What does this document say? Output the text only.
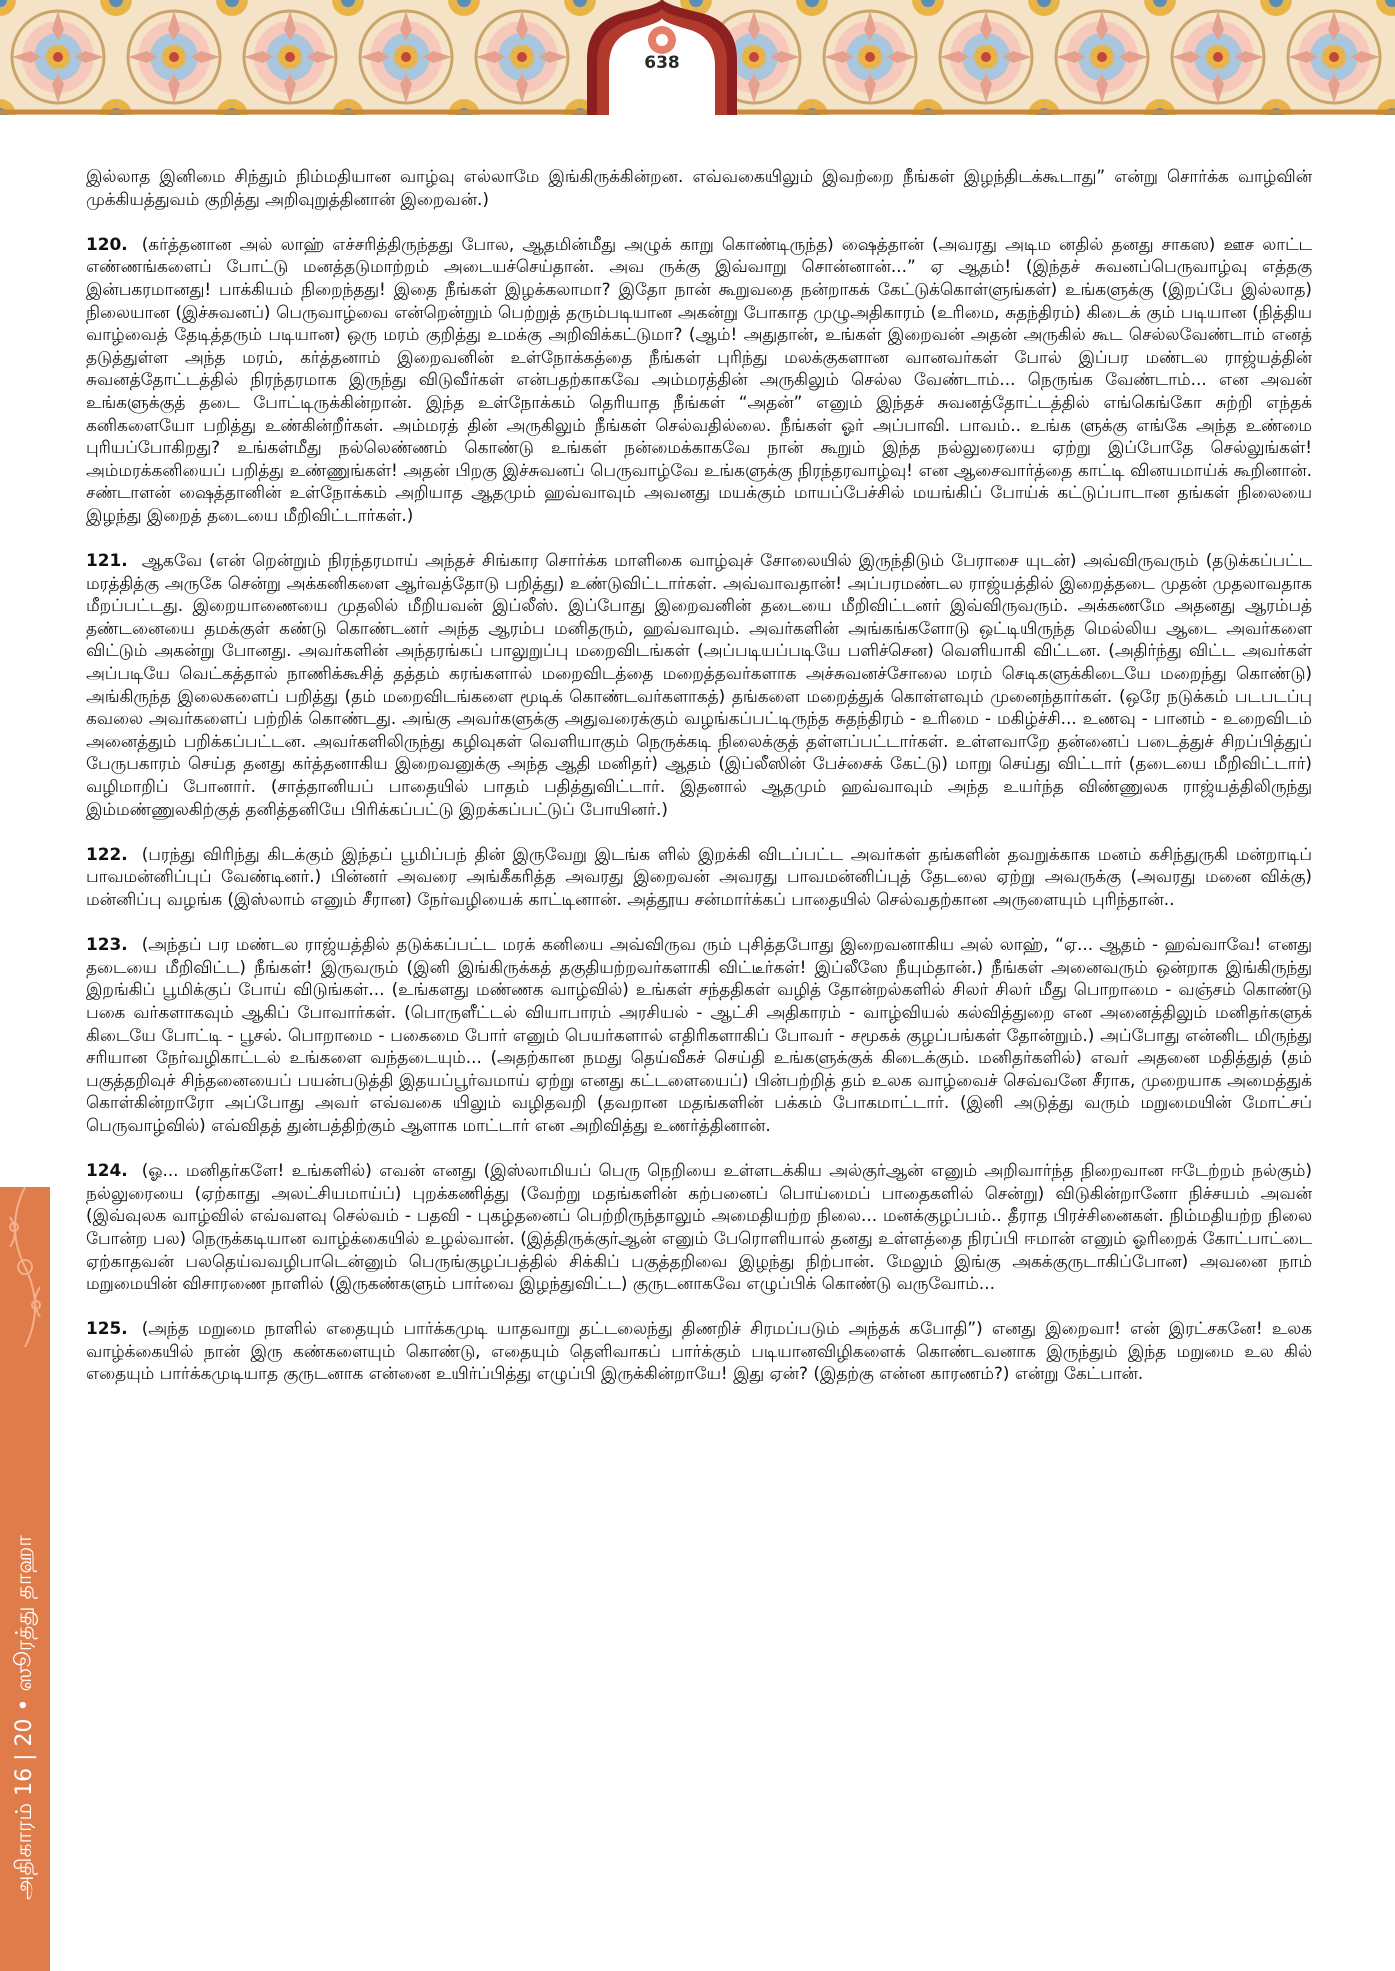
638
அதிகாரம் 16 | 20 • ஸூரத்து தாஹா

இல்லாத இனிமை சிந்தும் நிம்மதியான வாழ்வு எல்லாமே இங்கிருக்கின்றன. எவ்வகையிலும் இவற்றை நீங்கள் இழந்திடக்கூடாது” என்று சொர்க்க வாழ்வின் முக்கியத்துவம் குறித்து அறிவுறுத்தினான் இறைவன்.)

120. (கர்த்தனான அல் லாஹ் எச்சரித்திருந்தது போல, ஆதமின்மீது அழுக் காறு கொண்டிருந்த) ஷைத்தான் (அவரது அடிம னதில் தனது சாகஸ) ஊச லாட்ட எண்ணங்களைப் போட்டு மனத்தடுமாற்றம் அடையச்செய்தான். அவ ருக்கு இவ்வாறு சொன்னான்...” ஏ ஆதம்! (இந்தச் சுவனப்பெருவாழ்வு எத்தகு இன்பகரமானது! பாக்கியம் நிறைந்தது! இதை நீங்கள் இழக்கலாமா? இதோ நான் கூறுவதை நன்றாகக் கேட்டுக்கொள்ளுங்கள்) உங்களுக்கு (இறப்பே இல்லாத) நிலையான (இச்சுவனப்) பெருவாழ்வை என்றென்றும் பெற்றுத் தரும்படியான அகன்று போகாத முழுஅதிகாரம் (உரிமை, சுதந்திரம்) கிடைக் கும் படியான (நித்திய வாழ்வைத் தேடித்தரும் படியான) ஒரு மரம் குறித்து உமக்கு அறிவிக்கட்டுமா? (ஆம்! அதுதான், உங்கள் இறைவன் அதன் அருகில் கூட செல்லவேண்டாம் எனத் தடுத்துள்ள அந்த மரம், கர்த்தனாம் இறைவனின் உள்நோக்கத்தை நீங்கள் புரிந்து மலக்குகளான வானவர்கள் போல் இப்பர மண்டல ராஜ்யத்தின் சுவனத்தோட்டத்தில் நிரந்தரமாக இருந்து விடுவீர்கள் என்பதற்காகவே அம்மரத்தின் அருகிலும் செல்ல வேண்டாம்... நெருங்க வேண்டாம்... என அவன் உங்களுக்குத் தடை போட்டிருக்கின்றான். இந்த உள்நோக்கம் தெரியாத நீங்கள் “அதன்” எனும் இந்தச் சுவனத்தோட்டத்தில் எங்கெங்கோ சுற்றி எந்தக் கனிகளையோ பறித்து உண்கின்றீர்கள். அம்மரத் தின் அருகிலும் நீங்கள் செல்வதில்லை. நீங்கள் ஓர் அப்பாவி. பாவம்.. உங்க ளுக்கு எங்கே அந்த உண்மை புரியப்போகிறது? உங்கள்மீது நல்லெண்ணம் கொண்டு உங்கள் நன்மைக்காகவே நான் கூறும் இந்த நல்லுரையை ஏற்று இப்போதே செல்லுங்கள்! அம்மரக்கனியைப் பறித்து உண்ணுங்கள்! அதன் பிறகு இச்சுவனப் பெருவாழ்வே உங்களுக்கு நிரந்தரவாழ்வு! என ஆசைவார்த்தை காட்டி வினயமாய்க் கூறினான். சண்டாளன் ஷைத்தானின் உள்நோக்கம் அறியாத ஆதமும் ஹவ்வாவும் அவனது மயக்கும் மாயப்பேச்சில் மயங்கிப் போய்க் கட்டுப்பாடான தங்கள் நிலையை இழந்து இறைத் தடையை மீறிவிட்டார்கள்.)

121. ஆகவே (என் றென்றும் நிரந்தரமாய் அந்தச் சிங்கார சொர்க்க மாளிகை வாழ்வுச் சோலையில் இருந்திடும் பேராசை யுடன்) அவ்விருவரும் (தடுக்கப்பட்ட மரத்தித்கு அருகே சென்று அக்கனிகளை ஆர்வத்தோடு பறித்து) உண்டுவிட்டார்கள். அவ்வாவதான்! அப்பரமண்டல ராஜ்யத்தில் இறைத்தடை முதன் முதலாவதாக மீறப்பட்டது. இறையாணையை முதலில் மீறியவன் இப்லீஸ். இப்போது இறைவனின் தடையை மீறிவிட்டனர் இவ்விருவரும். அக்கணமே அதனது ஆரம்பத் தண்டனையை தமக்குள் கண்டு கொண்டனர் அந்த ஆரம்ப மனிதரும், ஹவ்வாவும். அவர்களின் அங்கங்களோடு ஒட்டியிருந்த மெல்லிய ஆடை அவர்களை விட்டும் அகன்று போனது. அவர்களின் அந்தரங்கப் பாலுறுப்பு மறைவிடங்கள் (அப்படியப்படியே பளிச்சென) வெளியாகி விட்டன. (அதிர்ந்து விட்ட அவர்கள் அப்படியே வெட்கத்தால் நாணிக்கூசித் தத்தம் கரங்களால் மறைவிடத்தை மறைத்தவர்களாக அச்சுவனச்சோலை மரம் செடிகளுக்கிடையே மறைந்து கொண்டு) அங்கிருந்த இலைகளைப் பறித்து (தம் மறைவிடங்களை மூடிக் கொண்டவர்களாகத்) தங்களை மறைத்துக் கொள்ளவும் முனைந்தார்கள். (ஒரே நடுக்கம் படபடப்பு கவலை அவர்களைப் பற்றிக் கொண்டது. அங்கு அவர்களுக்கு அதுவரைக்கும் வழங்கப்பட்டிருந்த சுதந்திரம் - உரிமை - மகிழ்ச்சி... உணவு - பானம் - உறைவிடம் அனைத்தும் பறிக்கப்பட்டன. அவர்களிலிருந்து கழிவுகள் வெளியாகும் நெருக்கடி நிலைக்குத் தள்ளப்பட்டார்கள். உள்ளவாறே தன்னைப் படைத்துச் சிறப்பித்துப் பேருபகாரம் செய்த தனது கர்த்தனாகிய இறைவனுக்கு அந்த ஆதி மனிதர்) ஆதம் (இப்லீஸின் பேச்சைக் கேட்டு) மாறு செய்து விட்டார் (தடையை மீறிவிட்டார்) வழிமாறிப் போனார். (சாத்தானியப் பாதையில் பாதம் பதித்துவிட்டார். இதனால் ஆதமும் ஹவ்வாவும் அந்த உயர்ந்த விண்ணுலக ராஜ்யத்திலிருந்து இம்மண்ணுலகிற்குத் தனித்தனியே பிரிக்கப்பட்டு இறக்கப்பட்டுப் போயினர்.)

122. (பரந்து விரிந்து கிடக்கும் இந்தப் பூமிப்பந் தின் இருவேறு இடங்க ளில் இறக்கி விடப்பட்ட அவர்கள் தங்களின் தவறுக்காக மனம் கசிந்துருகி மன்றாடிப் பாவமன்னிப்புப் வேண்டினர்.) பின்னர் அவரை அங்கீகரித்த அவரது இறைவன் அவரது பாவமன்னிப்புத் தேடலை ஏற்று அவருக்கு (அவரது மனை விக்கு) மன்னிப்பு வழங்க (இஸ்லாம் எனும் சீரான) நேர்வழியைக் காட்டினான். அத்தூய சன்மார்க்கப் பாதையில் செல்வதற்கான அருளையும் புரிந்தான்..

123. (அந்தப் பர மண்டல ராஜ்யத்தில் தடுக்கப்பட்ட மரக் கனியை அவ்விருவ ரும் புசித்தபோது இறைவனாகிய அல் லாஹ், “ஏ... ஆதம் - ஹவ்வாவே! எனது தடையை மீறிவிட்ட) நீங்கள்! இருவரும் (இனி இங்கிருக்கத் தகுதியற்றவர்களாகி விட்டீர்கள்! இப்லீஸே நீயும்தான்.) நீங்கள் அனைவரும் ஒன்றாக இங்கிருந்து இறங்கிப் பூமிக்குப் போய் விடுங்கள்... (உங்களது மண்ணக வாழ்வில்) உங்கள் சந்ததிகள் வழித் தோன்றல்களில் சிலர் சிலர் மீது பொறாமை - வஞ்சம் கொண்டு பகை வர்களாகவும் ஆகிப் போவார்கள். (பொருளீட்டல் வியாபாரம் அரசியல் - ஆட்சி அதிகாரம் - வாழ்வியல் கல்வித்துறை என அனைத்திலும் மனிதர்களுக் கிடையே போட்டி - பூசல். பொறாமை - பகைமை போர் எனும் பெயர்களால் எதிரிகளாகிப் போவர் - சமூகக் குழப்பங்கள் தோன்றும்.) அப்போது என்னிட மிருந்து சரியான நேர்வழிகாட்டல் உங்களை வந்தடையும்... (அதற்கான நமது தெய்வீகச் செய்தி உங்களுக்குக் கிடைக்கும். மனிதர்களில்) எவர் அதனை மதித்துத் (தம் பகுத்தறிவுச் சிந்தனையைப் பயன்படுத்தி இதயப்பூர்வமாய் ஏற்று எனது கட்டளையைப்) பின்பற்றித் தம் உலக வாழ்வைச் செவ்வனே சீராக, முறையாக அமைத்துக் கொள்கின்றாரோ அப்போது அவர் எவ்வகை யிலும் வழிதவறி (தவறான மதங்களின் பக்கம் போகமாட்டார். (இனி அடுத்து வரும் மறுமையின் மோட்சப் பெருவாழ்வில்) எவ்விதத் துன்பத்திற்கும் ஆளாக மாட்டார் என அறிவித்து உணர்த்தினான்.

124. (ஓ... மனிதர்களே! உங்களில்) எவன் எனது (இஸ்லாமியப் பெரு நெறியை உள்ளடக்கிய அல்குர்ஆன் எனும் அறிவார்ந்த நிறைவான ஈடேற்றம் நல்கும்) நல்லுரையை (ஏற்காது அலட்சியமாய்ப்) புறக்கணித்து (வேற்று மதங்களின் கற்பனைப் பொய்மைப் பாதைகளில் சென்று) விடுகின்றானோ நிச்சயம் அவன் (இவ்வுலக வாழ்வில் எவ்வளவு செல்வம் - பதவி - புகழ்தனைப் பெற்றிருந்தாலும் அமைதியற்ற நிலை... மனக்குழப்பம்.. தீராத பிரச்சினைகள். நிம்மதியற்ற நிலை போன்ற பல) நெருக்கடியான வாழ்க்கையில் உழல்வான். (இத்திருக்குர்ஆன் எனும் பேரொளியால் தனது உள்ளத்தை நிரப்பி ஈமான் எனும் ஓரிறைக் கோட்பாட்டை ஏற்காதவன் பலதெய்வவழிபாடென்னும் பெருங்குழப்பத்தில் சிக்கிப் பகுத்தறிவை இழந்து நிற்பான். மேலும் இங்கு அகக்குருடாகிப்போன) அவனை நாம் மறுமையின் விசாரணை நாளில் (இருகண்களும் பார்வை இழந்துவிட்ட) குருடனாகவே எழுப்பிக் கொண்டு வருவோம்...

125. (அந்த மறுமை நாளில் எதையும் பார்க்கமுடி யாதவாறு தட்டலைந்து திணறிச் சிரமப்படும் அந்தக் கபோதி”) எனது இறைவா! என் இரட்சகனே! உலக வாழ்க்கையில் நான் இரு கண்களையும் கொண்டு, எதையும் தெளிவாகப் பார்க்கும் படியானவிழிகளைக் கொண்டவனாக இருந்தும் இந்த மறுமை உல கில் எதையும் பார்க்கமுடியாத குருடனாக என்னை உயிர்ப்பித்து எழுப்பி இருக்கின்றாயே! இது ஏன்? (இதற்கு என்ன காரணம்?) என்று கேட்பான்.
